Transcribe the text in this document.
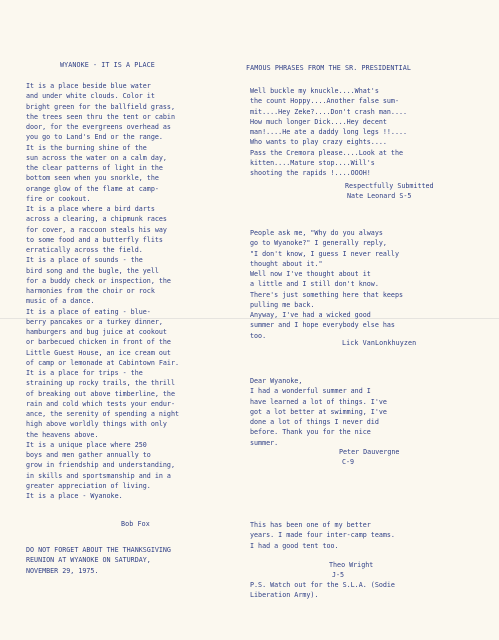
WYANOKE - IT IS A PLACE
It is a place beside blue water
and under white clouds. Color it
bright green for the ballfield grass,
the trees seen thru the tent or cabin
door, for the evergreens overhead as
you go to Land's End or the range.
It is the burning shine of the
sun across the water on a calm day,
the clear patterns of light in the
bottom seen when you snorkle, the
orange glow of the flame at camp-
fire or cookout.
It is a place where a bird darts
across a clearing, a chipmunk races
for cover, a raccoon steals his way
to some food and a butterfly flits
erratically across the field.
It is a place of sounds - the
bird song and the bugle, the yell
for a buddy check or inspection, the
harmonies from the choir or rock
music of a dance.
It is a place of eating - blue-
berry pancakes or a turkey dinner,
hamburgers and bug juice at cookout
or barbecued chicken in front of the
Little Guest House, an ice cream out
of camp or lemonade at Cabintown Fair.
It is a place for trips - the
straining up rocky trails, the thrill
of breaking out above timberline, the
rain and cold which tests your endur-
ance, the serenity of spending a night
high above worldly things with only
the heavens above.
It is a unique place where 250
boys and men gather annually to
grow in friendship and understanding,
in skills and sportsmanship and in a
greater appreciation of living.
It is a place - Wyanoke.
Bob Fox
DO NOT FORGET ABOUT THE THANKSGIVING
REUNION AT WYANOKE ON SATURDAY,
NOVEMBER 29, 1975.
FAMOUS PHRASES FROM THE SR. PRESIDENTIAL
Well buckle my knuckle....What's
the count Hoppy....Another false sum-
mit....Hey Zeke?....Don't crash man....
How much longer Dick....Hey decent
man!....He ate a daddy long legs !!....
Who wants to play crazy eights....
Pass the Cremora please....Look at the
kitten....Mature stop....Will's
shooting the rapids !....OOOH!
Respectfully Submitted
Nate Leonard S-5
People ask me, "Why do you always
go to Wyanoke?" I generally reply,
"I don't know, I guess I never really
thought about it."
Well now I've thought about it
a little and I still don't know.
There's just something here that keeps
pulling me back.
Anyway, I've had a wicked good
summer and I hope everybody else has
too.
Lick VanLonkhuyzen
Dear Wyanoke,
I had a wonderful summer and I
have learned a lot of things. I've
got a lot better at swimming, I've
done a lot of things I never did
before. Thank you for the nice
summer.
Peter Dauvergne
C-9
This has been one of my better
years. I made four inter-camp teams.
I had a good tent too.
Theo Wright
J-5
P.S. Watch out for the S.L.A. (Sodie
Liberation Army).
